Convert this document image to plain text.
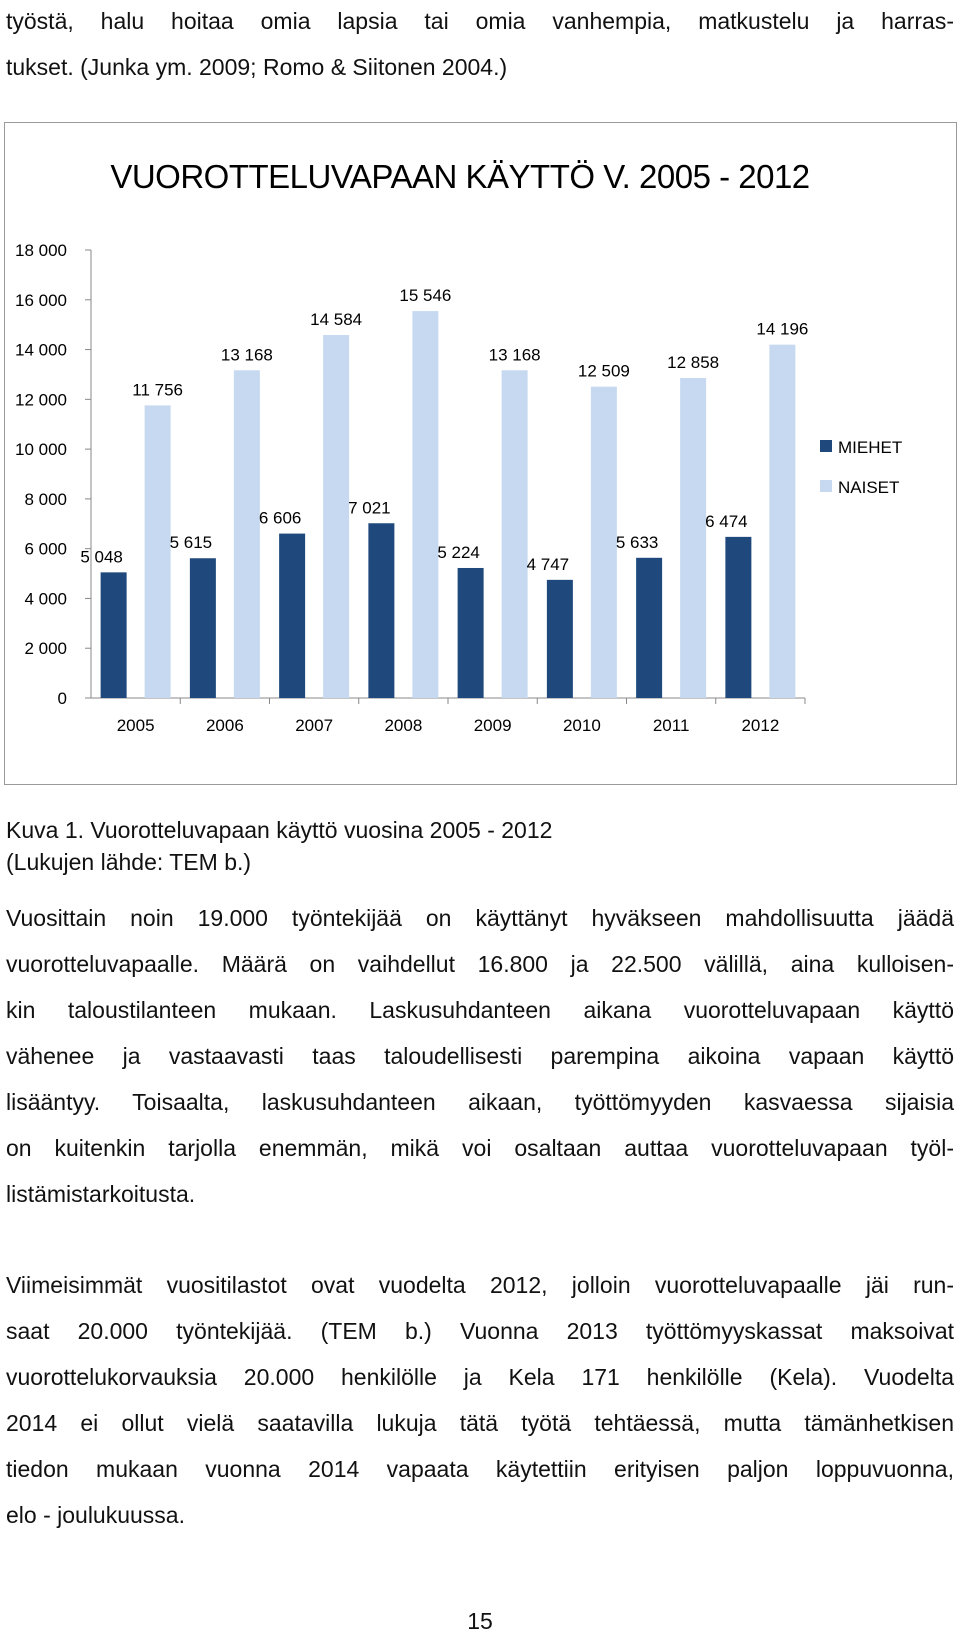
työstä, halu hoitaa omia lapsia tai omia vanhempia, matkustelu ja harras-
tukset. (Junka ym. 2009; Romo & Siitonen 2004.)
VUOROTTELUVAPAAN KÄYTTÖ V. 2005 - 2012
0
2 000
4 000
6 000
8 000
10 000
12 000
14 000
16 000
18 000
2005	2006	2007	2008	2009	2010	2011	2012
5 048
5 615
6 606
7 021
5 224
4 747
5 633
6 474
11 756
13 168
14 584
15 546
13 168
12 509 12 858
14 196
MIEHET
NAISET

Kuva 1. Vuorotteluvapaan käyttö vuosina 2005 - 2012

(Lukujen lähde: TEM b.)

Vuosittain noin 19.000 työntekijää on käyttänyt hyväkseen mahdollisuutta jäädä
vuorotteluvapaalle. Määrä on vaihdellut 16.800 ja 22.500 välillä, aina kulloisen-
kin taloustilanteen mukaan. Laskusuhdanteen aikana vuorotteluvapaan käyttö
vähenee ja vastaavasti taas taloudellisesti parempina aikoina vapaan käyttö
lisääntyy. Toisaalta, laskusuhdanteen aikaan, työttömyyden kasvaessa sijaisia
on kuitenkin tarjolla enemmän, mikä voi osaltaan auttaa vuorotteluvapaan työl-
listämistarkoitusta.
Viimeisimmät vuositilastot ovat vuodelta 2012, jolloin vuorotteluvapaalle jäi run-
saat 20.000 työntekijää. (TEM b.) Vuonna 2013 työttömyyskassat maksoivat
vuorottelukorvauksia 20.000 henkilölle ja Kela 171 henkilölle (Kela). Vuodelta
2014 ei ollut vielä saatavilla lukuja tätä työtä tehtäessä, mutta tämänhetkisen
tiedon mukaan vuonna 2014 vapaata käytettiin erityisen paljon loppuvuonna,
elo - joulukuussa.
15
